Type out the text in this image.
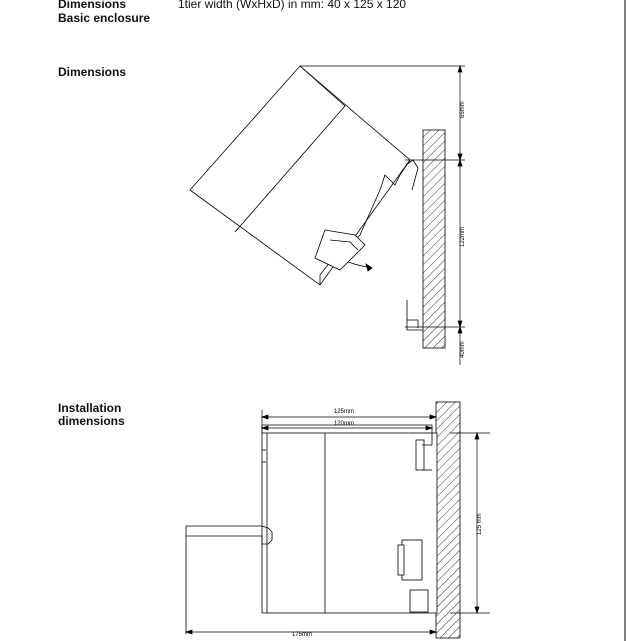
Dimensions
Basic enclosure
1tier width (WxHxD) in mm: 40 x 125 x 120
Dimensions
Installation
dimensions
65mm
122mm
40mm
125mm
120mm
125 mm
175mm
